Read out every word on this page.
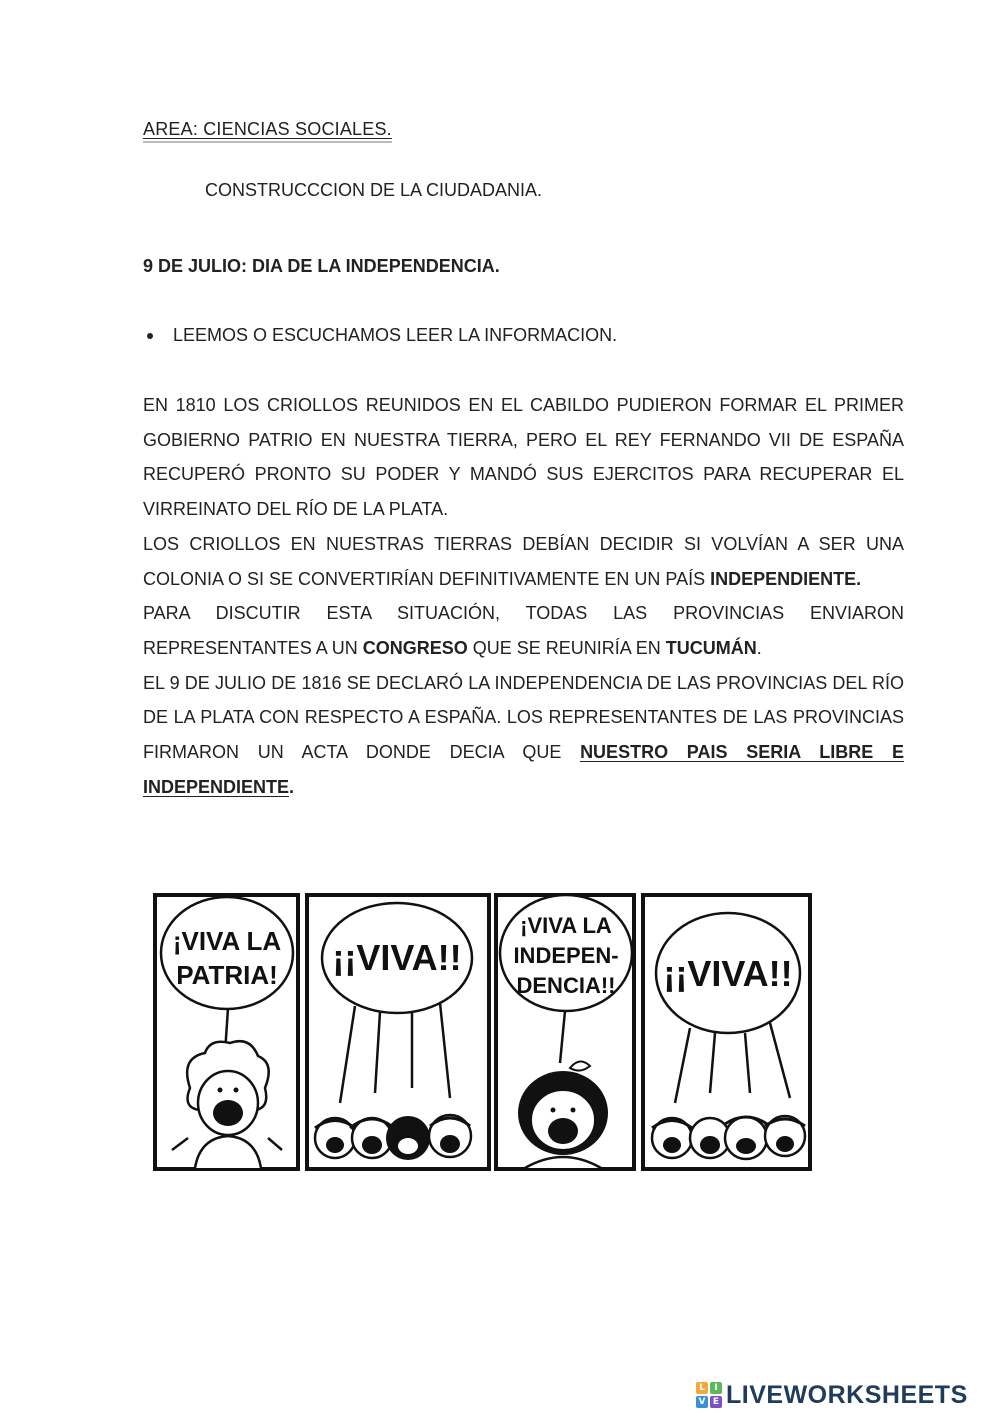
AREA: CIENCIAS SOCIALES.
CONSTRUCCCION DE LA CIUDADANIA.
9 DE JULIO: DIA DE LA INDEPENDENCIA.
LEEMOS O ESCUCHAMOS LEER LA INFORMACION.

EN 1810 LOS CRIOLLOS REUNIDOS EN EL CABILDO PUDIERON FORMAR EL PRIMER GOBIERNO PATRIO EN NUESTRA TIERRA, PERO EL REY FERNANDO VII DE ESPAÑA RECUPERÓ PRONTO SU PODER Y MANDÓ SUS EJERCITOS PARA RECUPERAR EL VIRREINATO DEL RÍO DE LA PLATA.

LOS CRIOLLOS EN NUESTRAS TIERRAS DEBÍAN DECIDIR SI VOLVÍAN A SER UNA COLONIA O SI SE CONVERTIRÍAN DEFINITIVAMENTE EN UN PAÍS INDEPENDIENTE.

PARA DISCUTIR ESTA SITUACIÓN, TODAS LAS PROVINCIAS ENVIARON REPRESENTANTES A UN CONGRESO QUE SE REUNIRÍA EN TUCUMÁN.

EL 9 DE JULIO DE 1816 SE DECLARÓ LA INDEPENDENCIA DE LAS PROVINCIAS DEL RÍO DE LA PLATA CON RESPECTO A ESPAÑA. LOS REPRESENTANTES DE LAS PROVINCIAS FIRMARON UN ACTA DONDE DECIA QUE NUESTRO PAIS SERIA LIBRE E INDEPENDIENTE.

¡VIVA LA
PATRIA! ¡¡VIVA!!
¡VIVA LA
INDEPEN-
DENCIA!! ¡¡VIVA!!
L	I
V E LIVEWORKSHEETS
